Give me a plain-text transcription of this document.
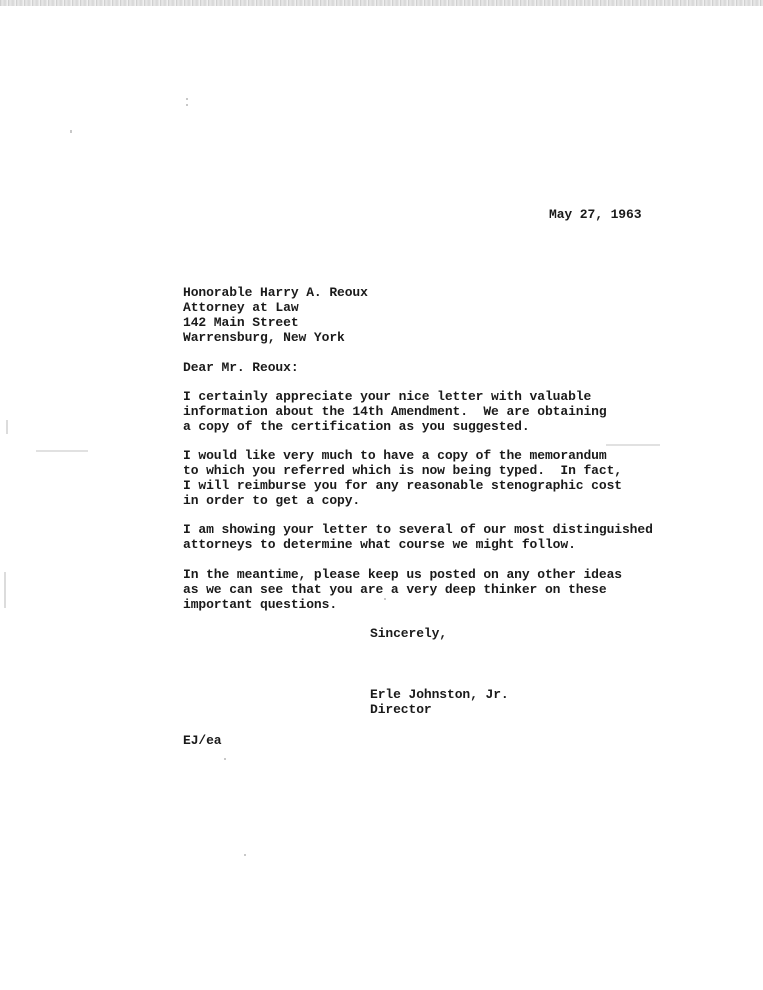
May 27, 1963
Honorable Harry A. Reoux
Attorney at Law
142 Main Street
Warrensburg, New York
Dear Mr. Reoux:
I certainly appreciate your nice letter with valuable
information about the 14th Amendment.  We are obtaining
a copy of the certification as you suggested.
I would like very much to have a copy of the memorandum
to which you referred which is now being typed.  In fact,
I will reimburse you for any reasonable stenographic cost
in order to get a copy.
I am showing your letter to several of our most distinguished
attorneys to determine what course we might follow.
In the meantime, please keep us posted on any other ideas
as we can see that you are a very deep thinker on these
important questions.
Sincerely,
Erle Johnston, Jr.
Director
EJ/ea
